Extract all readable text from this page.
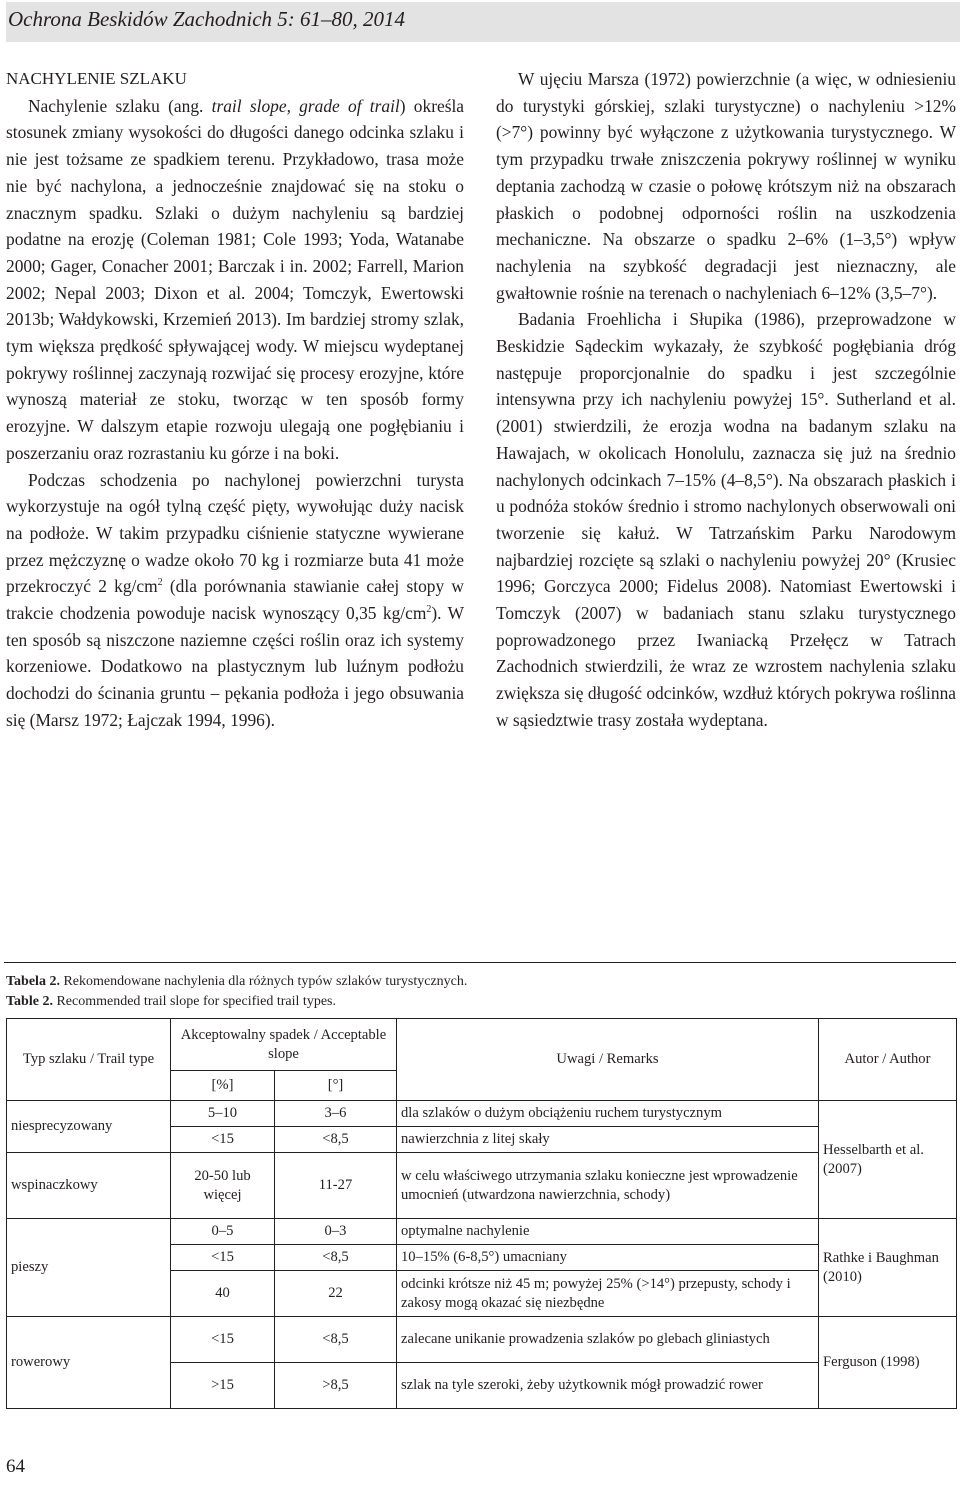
Ochrona Beskidów Zachodnich 5: 61–80, 2014

NACHYLENIE SZLAKU

Nachylenie szlaku (ang. trail slope, grade of trail) określa stosunek zmiany wysokości do długości danego odcinka szlaku i nie jest tożsame ze spadkiem terenu. Przykładowo, trasa może nie być nachylona, a jednocześnie znajdować się na stoku o znacznym spadku. Szlaki o dużym nachyleniu są bardziej podatne na erozję (Coleman 1981; Cole 1993; Yoda, Watanabe 2000; Gager, Conacher 2001; Barczak i in. 2002; Farrell, Marion 2002; Nepal 2003; Dixon et al. 2004; Tomczyk, Ewertowski 2013b; Wałdykowski, Krzemień 2013). Im bardziej stromy szlak, tym większa prędkość spływającej wody. W miejscu wydeptanej pokrywy roślinnej zaczynają rozwijać się procesy erozyjne, które wynoszą materiał ze stoku, tworząc w ten sposób formy erozyjne. W dalszym etapie rozwoju ulegają one pogłębianiu i poszerzaniu oraz rozrastaniu ku górze i na boki.

Podczas schodzenia po nachylonej powierzchni turysta wykorzystuje na ogół tylną część pięty, wywołując duży nacisk na podłoże. W takim przypadku ciśnienie statyczne wywierane przez mężczyznę o wadze około 70 kg i rozmiarze buta 41 może przekroczyć 2 $kg/cm^2$ (dla porównania stawianie całej stopy w trakcie chodzenia powoduje nacisk wynoszący 0,35 $kg/cm^2$). W ten sposób są niszczone naziemne części roślin oraz ich systemy korzeniowe. Dodatkowo na plastycznym lub luźnym podłożu dochodzi do ścinania gruntu – pękania podłoża i jego obsuwania się (Marsz 1972; Łajczak 1994, 1996).

W ujęciu Marsza (1972) powierzchnie (a więc, w odniesieniu do turystyki górskiej, szlaki turystyczne) o nachyleniu >12% (>7°) powinny być wyłączone z użytkowania turystycznego. W tym przypadku trwałe zniszczenia pokrywy roślinnej w wyniku deptania zachodzą w czasie o połowę krótszym niż na obszarach płaskich o podobnej odporności roślin na uszkodzenia mechaniczne. Na obszarze o spadku 2–6% (1–3,5°) wpływ nachylenia na szybkość degradacji jest nieznaczny, ale gwałtownie rośnie na terenach o nachyleniach 6–12% (3,5–7°).

Badania Froehlicha i Słupika (1986), przeprowadzone w Beskidzie Sądeckim wykazały, że szybkość pogłębiania dróg następuje proporcjonalnie do spadku i jest szczególnie intensywna przy ich nachyleniu powyżej 15°. Sutherland et al. (2001) stwierdzili, że erozja wodna na badanym szlaku na Hawajach, w okolicach Honolulu, zaznacza się już na średnio nachylonych odcinkach 7–15% (4–8,5°). Na obszarach płaskich i u podnóża stoków średnio i stromo nachylonych obserwowali oni tworzenie się kałuż. W Tatrzańskim Parku Narodowym najbardziej rozcięte są szlaki o nachyleniu powyżej 20° (Krusiec 1996; Gorczyca 2000; Fidelus 2008). Natomiast Ewertowski i Tomczyk (2007) w badaniach stanu szlaku turystycznego poprowadzonego przez Iwaniacką Przełęcz w Tatrach Zachodnich stwierdzili, że wraz ze wzrostem nachylenia szlaku zwiększa się długość odcinków, wzdłuż których pokrywa roślinna w sąsiedztwie trasy została wydeptana.

Tabela 2. Rekomendowane nachylenia dla różnych typów szlaków turystycznych.
Table 2. Recommended trail slope for specified trail types.
Typ szlaku / Trail type	Akceptowalny spadek / Acceptable slope		Uwagi / Remarks	Autor / Author
	[%]	[°]		
niesprecyzowany	5–10	3–6	dla szlaków o dużym obciążeniu ruchem turystycznym	Hesselbarth et al. (2007)
	<15	<8,5	nawierzchnia z litej skały	
wspinaczkowy	20-50 lub więcej	11-27	w celu właściwego utrzymania szlaku konieczne jest wprowadzenie umocnień (utwardzona nawierzchnia, schody)	
pieszy	0–5	0–3	optymalne nachylenie	Rathke i Baughman (2010)
	<15	<8,5	10–15% (6-8,5°) umacniany	
	40	22	odcinki krótsze niż 45 m; powyżej 25% (>14°) przepusty, schody i zakosy mogą okazać się niezbędne	
rowerowy	<15	<8,5	zalecane unikanie prowadzenia szlaków po glebach gliniastych	Ferguson (1998)
	>15	>8,5	szlak na tyle szeroki, żeby użytkownik mógł prowadzić rower	
64
